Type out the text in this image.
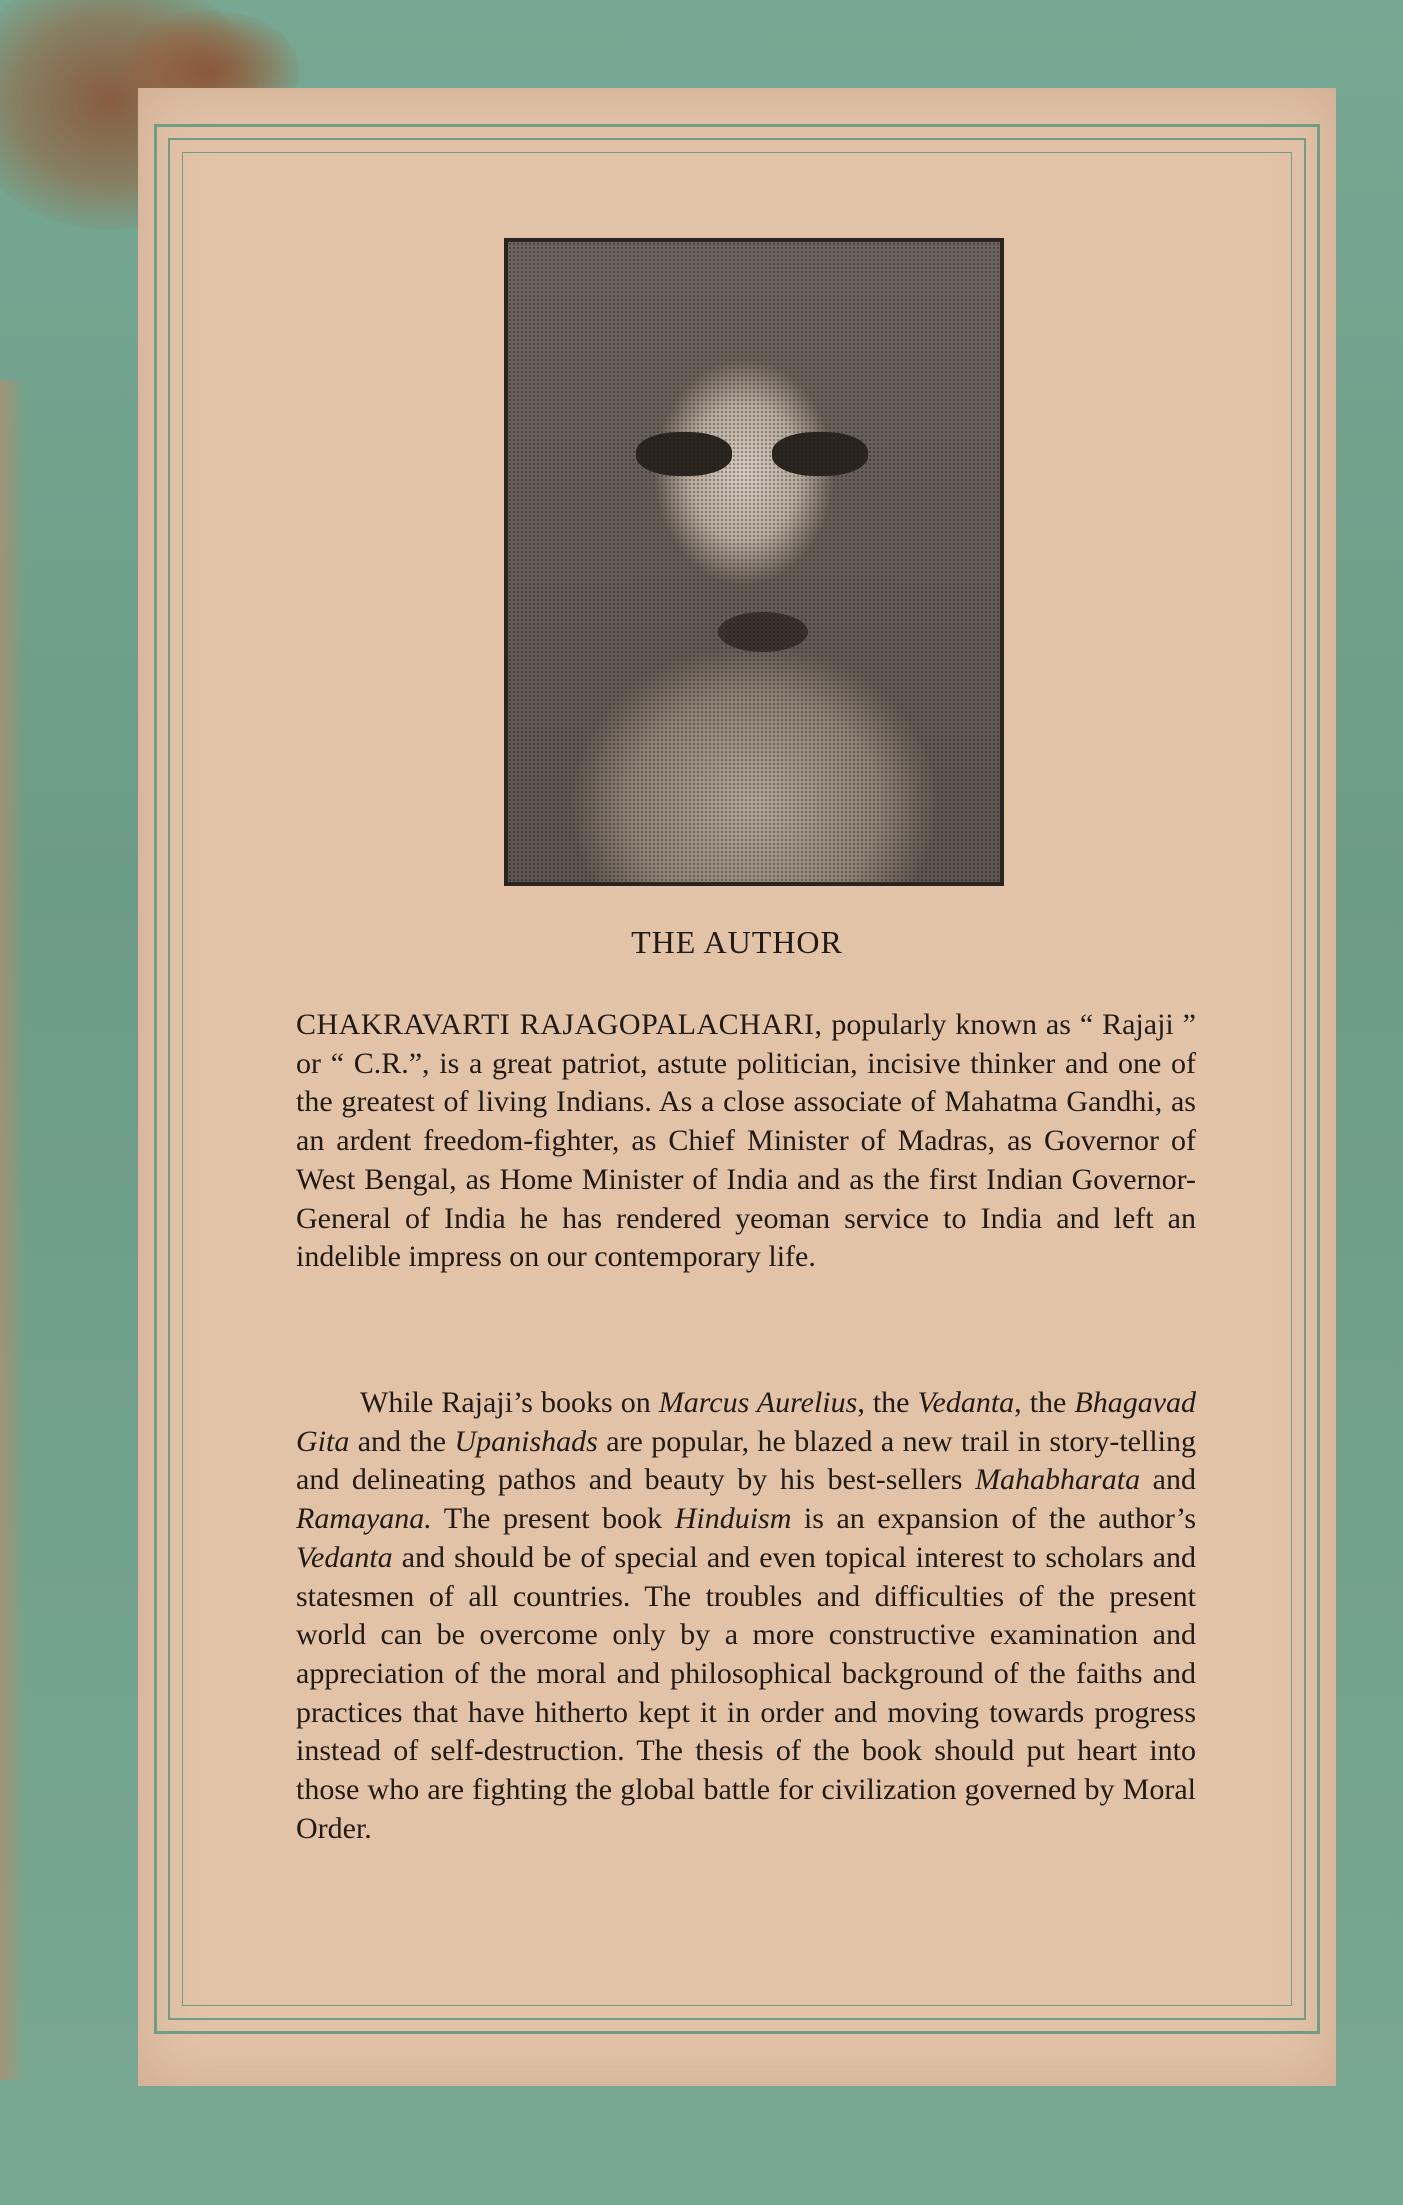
THE AUTHOR
CHAKRAVARTI RAJAGOPALACHARI, popularly known as “ Rajaji ” or “ C.R.”, is a great patriot, astute politician, incisive thinker and one of the greatest of living Indians. As a close associate of Mahatma Gandhi, as an ardent freedom-fighter, as Chief Minister of Madras, as Governor of West Bengal, as Home Minister of India and as the first Indian Governor-General of India he has rendered yeoman service to India and left an indelible impress on our contemporary life.
While Rajaji’s books on Marcus Aurelius, the Vedanta, the Bhagavad Gita and the Upanishads are popular, he blazed a new trail in story-telling and delineating pathos and beauty by his best-sellers Mahabharata and Ramayana. The present book Hinduism is an expansion of the author’s Vedanta and should be of special and even topical interest to scholars and statesmen of all countries. The troubles and difficulties of the present world can be overcome only by a more constructive examination and appreciation of the moral and philosophical background of the faiths and practices that have hitherto kept it in order and moving towards progress instead of self-destruction. The thesis of the book should put heart into those who are fighting the global battle for civilization governed by Moral Order.
